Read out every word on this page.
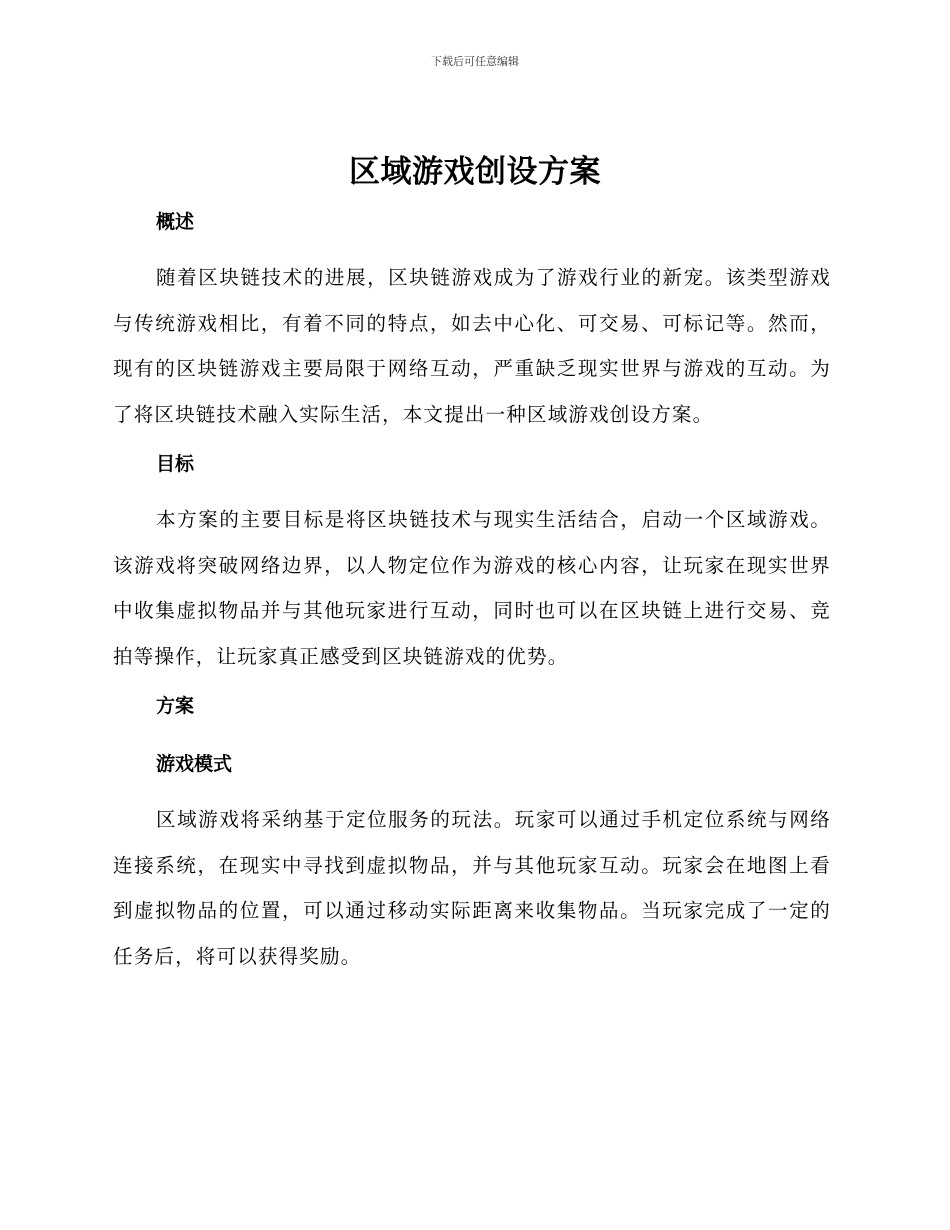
下载后可任意编辑
区域游戏创设方案
概述

随着区块链技术的进展，区块链游戏成为了游戏行业的新宠。该类型游戏与传统游戏相比，有着不同的特点，如去中心化、可交易、可标记等。然而，现有的区块链游戏主要局限于网络互动，严重缺乏现实世界与游戏的互动。为了将区块链技术融入实际生活，本文提出一种区域游戏创设方案。

目标

本方案的主要目标是将区块链技术与现实生活结合，启动一个区域游戏。该游戏将突破网络边界，以人物定位作为游戏的核心内容，让玩家在现实世界中收集虚拟物品并与其他玩家进行互动，同时也可以在区块链上进行交易、竞拍等操作，让玩家真正感受到区块链游戏的优势。

方案
游戏模式

区域游戏将采纳基于定位服务的玩法。玩家可以通过手机定位系统与网络连接系统，在现实中寻找到虚拟物品，并与其他玩家互动。玩家会在地图上看到虚拟物品的位置，可以通过移动实际距离来收集物品。当玩家完成了一定的任务后，将可以获得奖励。
